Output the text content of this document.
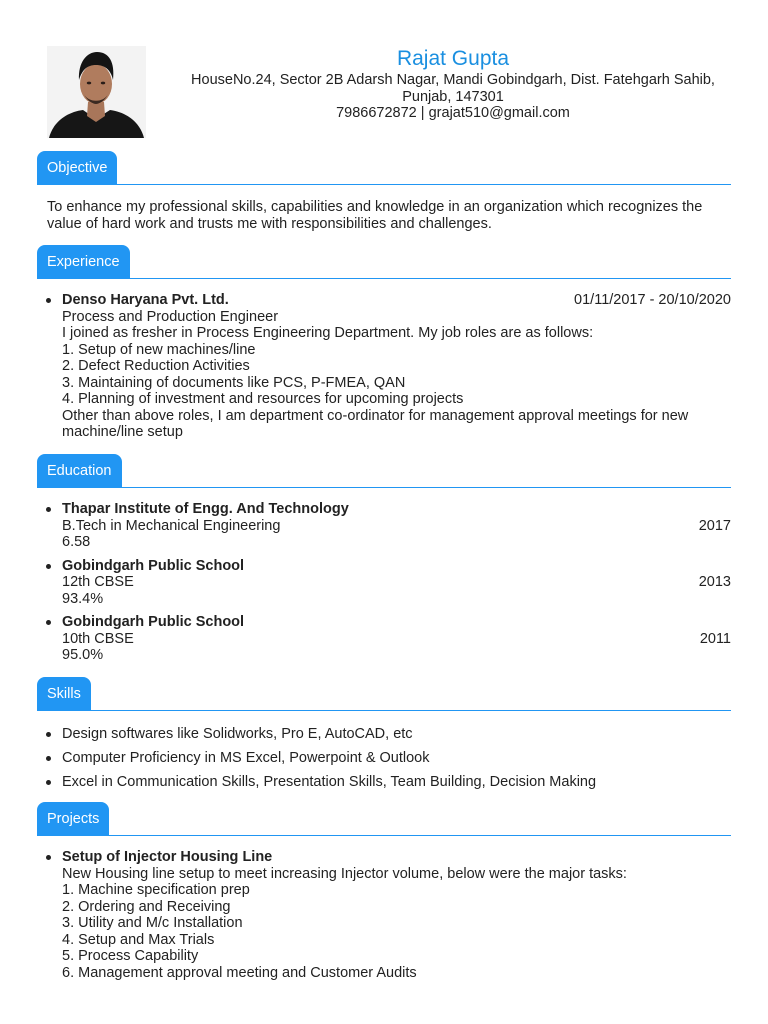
Rajat Gupta
HouseNo.24, Sector 2B Adarsh Nagar, Mandi Gobindgarh, Dist. Fatehgarh Sahib,
Punjab, 147301
7986672872 | grajat510@gmail.com
Objective

To enhance my professional skills, capabilities and knowledge in an organization which recognizes the value of hard work and trusts me with responsibilities and challenges.

Experience
Denso Haryana Pvt. Ltd.	01/11/2017 - 20/10/2020
Process and Production Engineer
I joined as fresher in Process Engineering Department. My job roles are as follows:
1. Setup of new machines/line
2. Defect Reduction Activities
3. Maintaining of documents like PCS, P-FMEA, QAN
4. Planning of investment and resources for upcoming projects
Other than above roles, I am department co-ordinator for management approval meetings for new machine/line setup
Education
Thapar Institute of Engg. And Technology
B.Tech in Mechanical Engineering	2017
6.58
Gobindgarh Public School
12th CBSE	2013
93.4%
Gobindgarh Public School
10th CBSE	2011
95.0%
Skills
Design softwares like Solidworks, Pro E, AutoCAD, etc
Computer Proficiency in MS Excel, Powerpoint & Outlook
Excel in Communication Skills, Presentation Skills, Team Building, Decision Making
Projects
Setup of Injector Housing Line
New Housing line setup to meet increasing Injector volume, below were the major tasks:
1. Machine specification prep
2. Ordering and Receiving
3. Utility and M/c Installation
4. Setup and Max Trials
5. Process Capability
6. Management approval meeting and Customer Audits
